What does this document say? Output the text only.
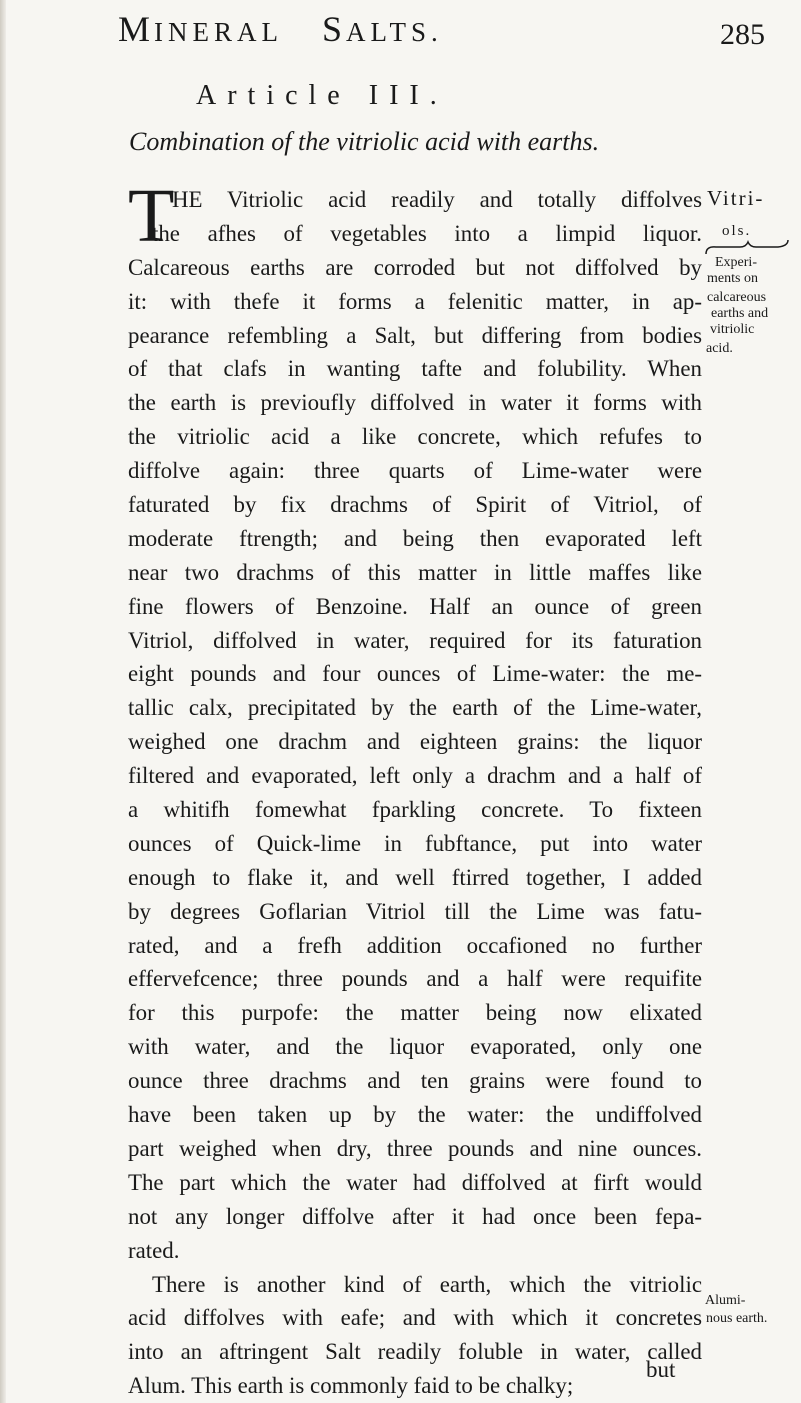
MINERAL SALTS.	285
Article III.
Combination of the vitriolic acid with earths.
T
HE Vitriolic acid readily and totally diffolves
the afhes of vegetables into a limpid liquor.
Calcareous earths are corroded but not diffolved by
it: with thefe it forms a felenitic matter, in ap-
pearance refembling a Salt, but differing from bodies
of that clafs in wanting tafte and folubility. When
the earth is previoufly diffolved in water it forms with
the vitriolic acid a like concrete, which refufes to
diffolve again: three quarts of Lime-water were
faturated by fix drachms of Spirit of Vitriol, of
moderate ftrength; and being then evaporated left
near two drachms of this matter in little maffes like
fine flowers of Benzoine. Half an ounce of green
Vitriol, diffolved in water, required for its faturation
eight pounds and four ounces of Lime-water: the me-
tallic calx, precipitated by the earth of the Lime-water,
weighed one drachm and eighteen grains: the liquor
filtered and evaporated, left only a drachm and a half of
a whitifh fomewhat fparkling concrete. To fixteen
ounces of Quick-lime in fubftance, put into water
enough to flake it, and well ftirred together, I added
by degrees Goflarian Vitriol till the Lime was fatu-
rated, and a frefh addition occafioned no further
effervefcence; three pounds and a half were requifite
for this purpofe: the matter being now elixated
with water, and the liquor evaporated, only one
ounce three drachms and ten grains were found to
have been taken up by the water: the undiffolved
part weighed when dry, three pounds and nine ounces.
The part which the water had diffolved at firft would
not any longer diffolve after it had once been fepa-
rated.
There is another kind of earth, which the vitriolic
acid diffolves with eafe; and with which it concretes
into an aftringent Salt readily foluble in water, called
Alum. This earth is commonly faid to be chalky;
but
Vitri-
ols.
Experi-
ments on
calcareous
earths and
vitriolic
acid.
Alumi-
nous earth.
